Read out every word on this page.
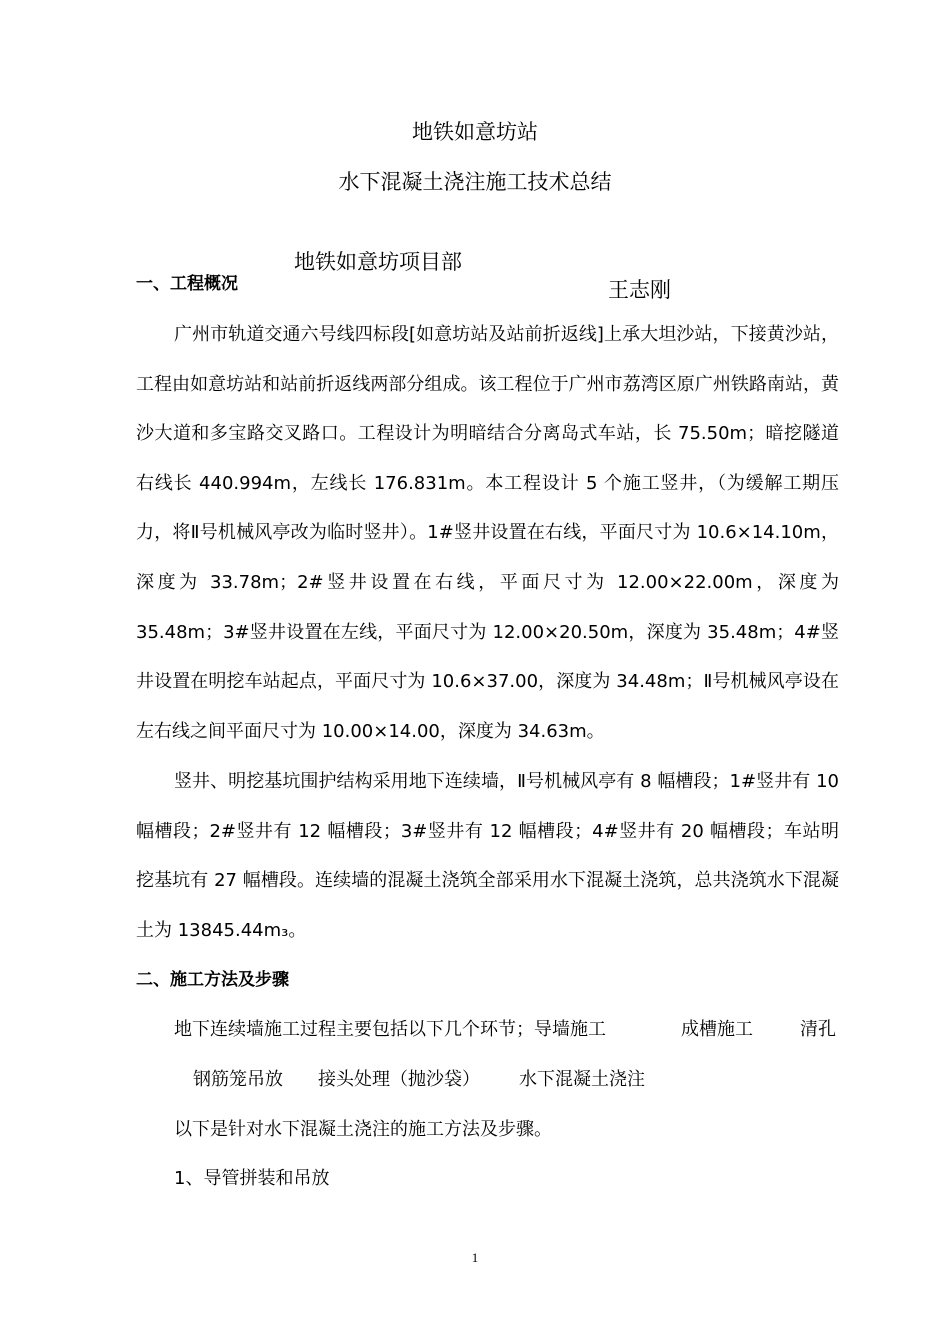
地铁如意坊站
水下混凝土浇注施工技术总结

地铁如意坊项目部

王志刚

一、工程概况

广州市轨道交通六号线四标段[如意坊站及站前折返线]上承大坦沙站，下接黄沙站，工程由如意坊站和站前折返线两部分组成。该工程位于广州市荔湾区原广州铁路南站，黄沙大道和多宝路交叉路口。工程设计为明暗结合分离岛式车站，长 75.50m；暗挖隧道右线长 440.994m，左线长 176.831m。本工程设计 5 个施工竖井，（为缓解工期压力，将Ⅱ号机械风亭改为临时竖井）。1#竖井设置在右线，平面尺寸为 10.6×14.10m，深度为 33.78m；2#竖井设置在右线，平面尺寸为 12.00×22.00m，深度为 35.48m；3#竖井设置在左线，平面尺寸为 12.00×20.50m，深度为 35.48m；4#竖井设置在明挖车站起点，平面尺寸为 10.6×37.00，深度为 34.48m；Ⅱ号机械风亭设在左右线之间平面尺寸为 10.00×14.00，深度为 34.63m。

竖井、明挖基坑围护结构采用地下连续墙，Ⅱ号机械风亭有 8 幅槽段；1#竖井有 10 幅槽段；2#竖井有 12 幅槽段；3#竖井有 12 幅槽段；4#竖井有 20 幅槽段；车站明挖基坑有 27 幅槽段。连续墙的混凝土浇筑全部采用水下混凝土浇筑，总共浇筑水下混凝土为 13845.44m₃。

二、施工方法及步骤

地下连续墙施工过程主要包括以下几个环节；导墙施工

	成槽施工

	清孔

钢筋笼吊放

接头处理（抛沙袋）

水下混凝土浇注

以下是针对水下混凝土浇注的施工方法及步骤。
1、导管拼装和吊放
1
